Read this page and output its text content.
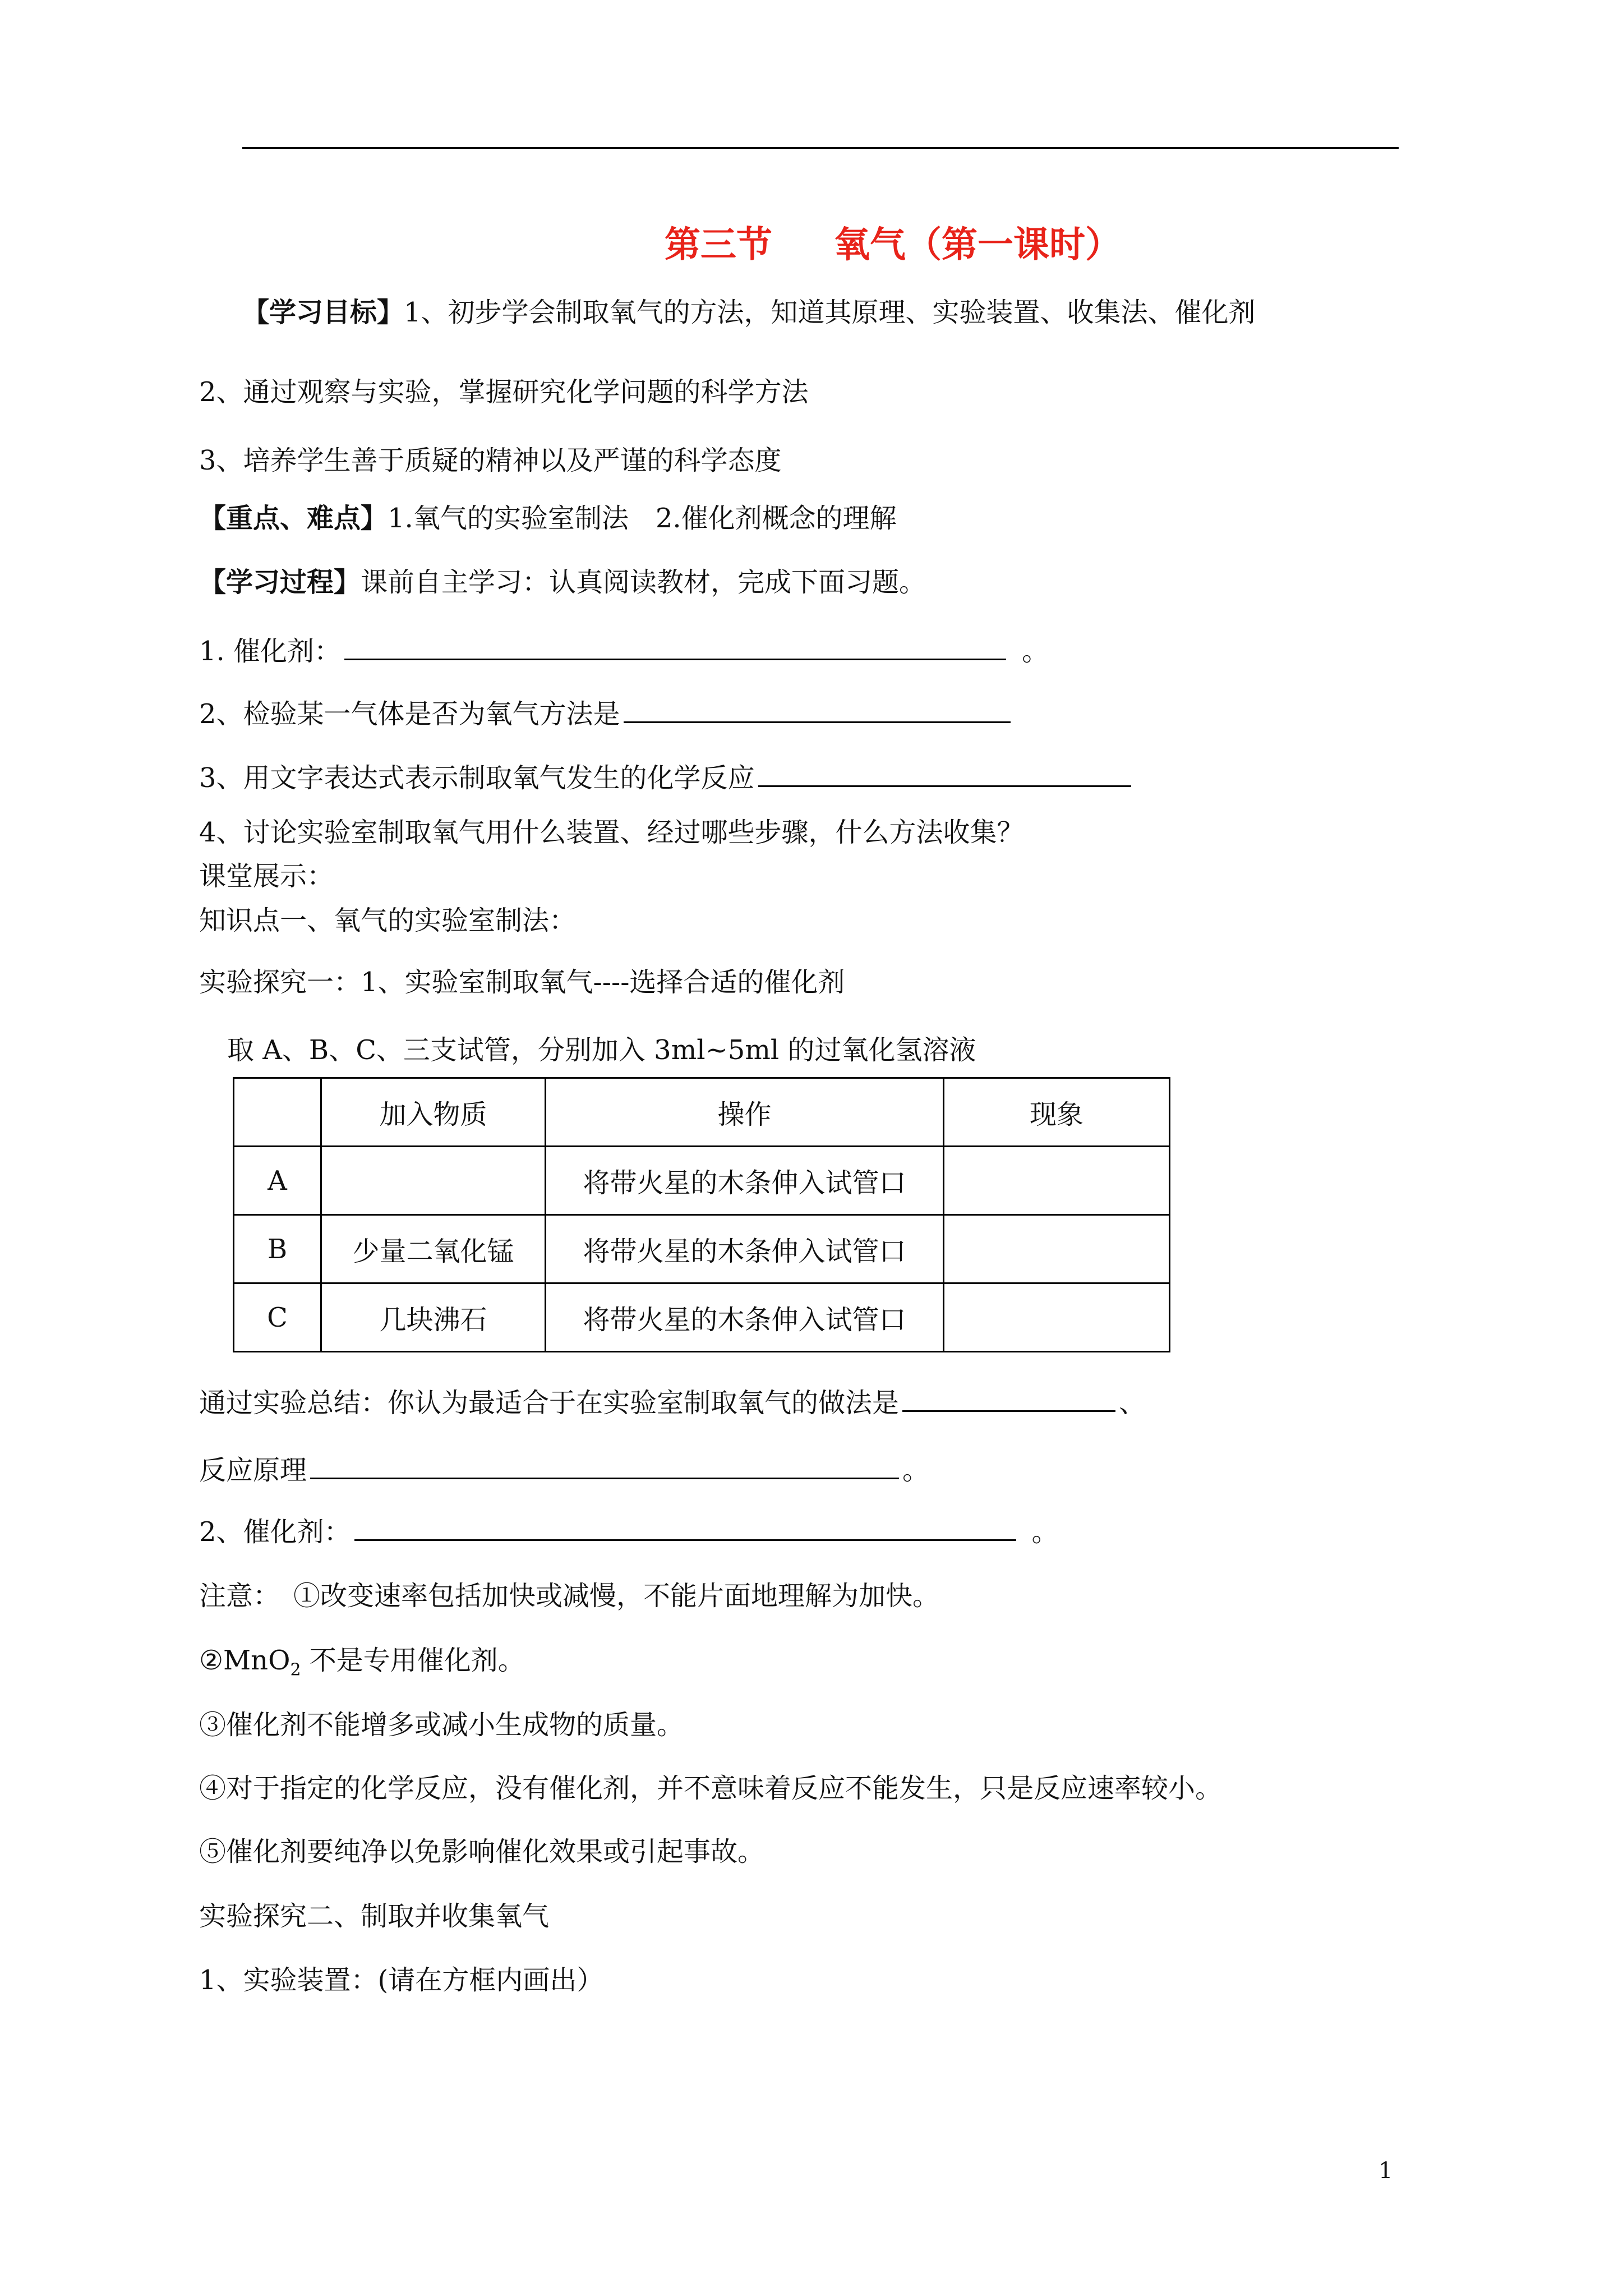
第三节 氧气（第一课时）
【学习目标】1、初步学会制取氧气的方法，知道其原理、实验装置、收集法、催化剂
2、通过观察与实验，掌握研究化学问题的科学方法
3、培养学生善于质疑的精神以及严谨的科学态度
【重点、难点】1.氧气的实验室制法　2.催化剂概念的理解
【学习过程】课前自主学习：认真阅读教材，完成下面习题。
1. 催化剂：	。
2、检验某一气体是否为氧气方法是
3、用文字表达式表示制取氧气发生的化学反应
4、讨论实验室制取氧气用什么装置、经过哪些步骤，什么方法收集？
课堂展示：
知识点一、氧气的实验室制法：
实验探究一：1、实验室制取氧气----选择合适的催化剂
取 A、B、C、三支试管，分别加入 3ml~5ml 的过氧化氢溶液
	加入物质	操作	现象
A		将带火星的木条伸入试管口	
B	少量二氧化锰	将带火星的木条伸入试管口	
C	几块沸石	将带火星的木条伸入试管口	
通过实验总结：你认为最适合于在实验室制取氧气的做法是	、
反应原理	。
2、催化剂：	。
注意：　①改变速率包括加快或减慢，不能片面地理解为加快。
②MnO$_2$ 不是专用催化剂。
③催化剂不能增多或减小生成物的质量。
④对于指定的化学反应，没有催化剂，并不意味着反应不能发生，只是反应速率较小。
⑤催化剂要纯净以免影响催化效果或引起事故。
实验探究二、制取并收集氧气
1、实验装置：(请在方框内画出）
1
